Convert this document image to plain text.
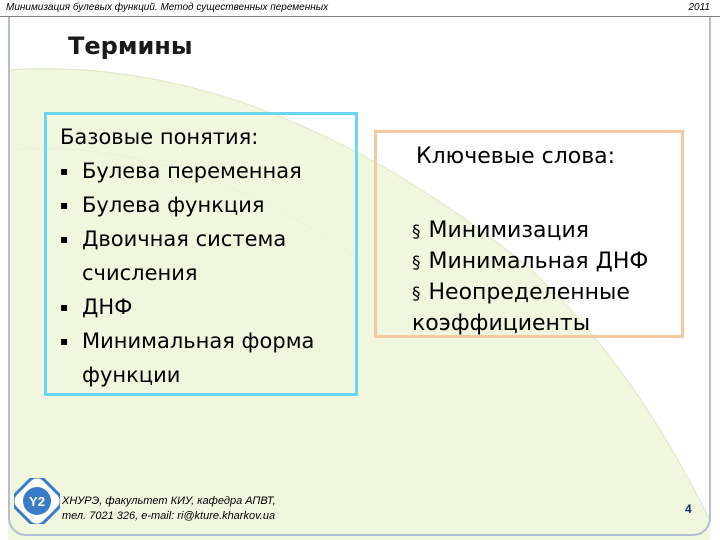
Минимизация булевых функций. Метод существенных переменных	2011
Термины
Базовые понятия:
▪ Булева переменная
▪ Булева функция
▪ Двоичная система счисления
▪ ДНФ
▪ Минимальная форма функции
Ключевые слова:
§ Минимизация
§ Минимальная ДНФ
§ Неопределенные коэффициенты
Y2 ХНУРЭ, факультет КИУ, кафедра АПВТ,
тел. 7021 326, e-mail: ri@kture.kharkov.ua	4
